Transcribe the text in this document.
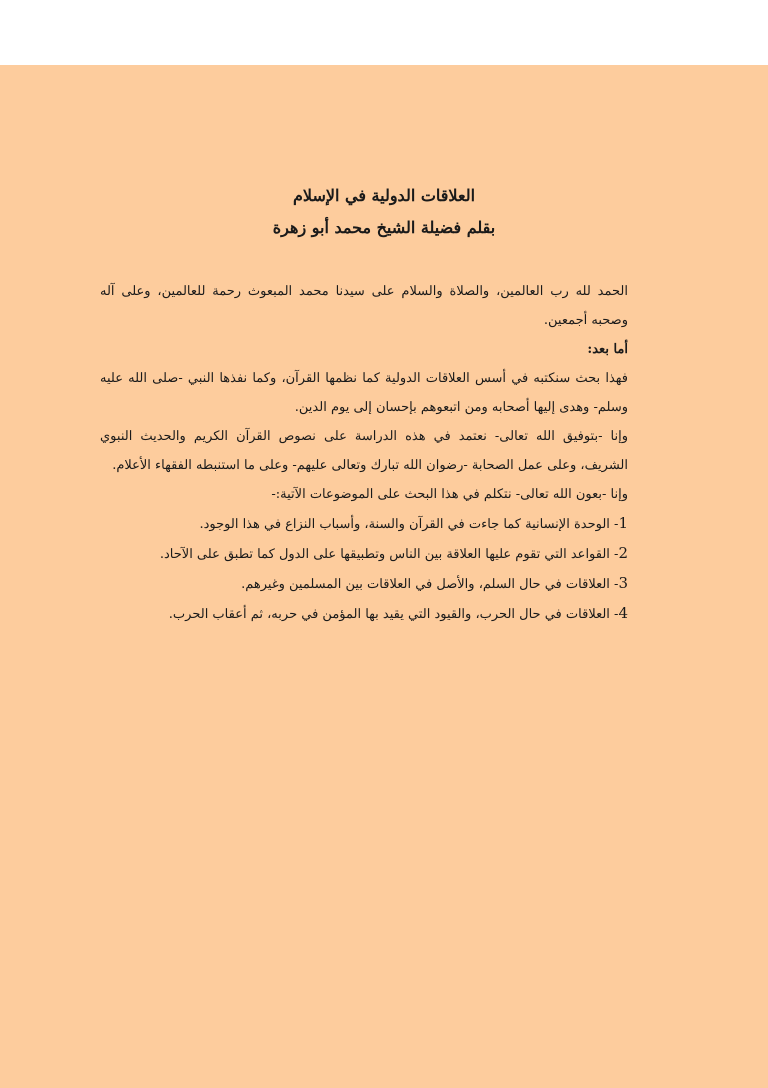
العلاقات الدولية في الإسلام

بقلم فضيلة الشيخ محمد أبو زهرة

الحمد لله رب العالمين، والصلاة والسلام على سيدنا محمد المبعوث رحمة للعالمين، وعلى آله وصحبه أجمعين.

أما بعد:

فهذا بحث سنكتبه في أسس العلاقات الدولية كما نظمها القرآن، وكما نفذها النبي -صلى الله عليه وسلم- وهدى إليها أصحابه ومن اتبعوهم بإحسان إلى يوم الدين.

وإنا -بتوفيق الله تعالى- نعتمد في هذه الدراسة على نصوص القرآن الكريم والحديث النبوي الشريف، وعلى عمل الصحابة -رضوان الله تبارك وتعالى عليهم- وعلى ما استنبطه الفقهاء الأعلام.

وإنا -بعون الله تعالى- نتكلم في هذا البحث على الموضوعات الآتية:-

1- الوحدة الإنسانية كما جاءت في القرآن والسنة، وأسباب النزاع في هذا الوجود.

2- القواعد التي تقوم عليها العلاقة بين الناس وتطبيقها على الدول كما تطبق على الآحاد.

3- العلاقات في حال السلم، والأصل في العلاقات بين المسلمين وغيرهم.

4- العلاقات في حال الحرب، والقيود التي يقيد بها المؤمن في حربه، ثم أعقاب الحرب.
